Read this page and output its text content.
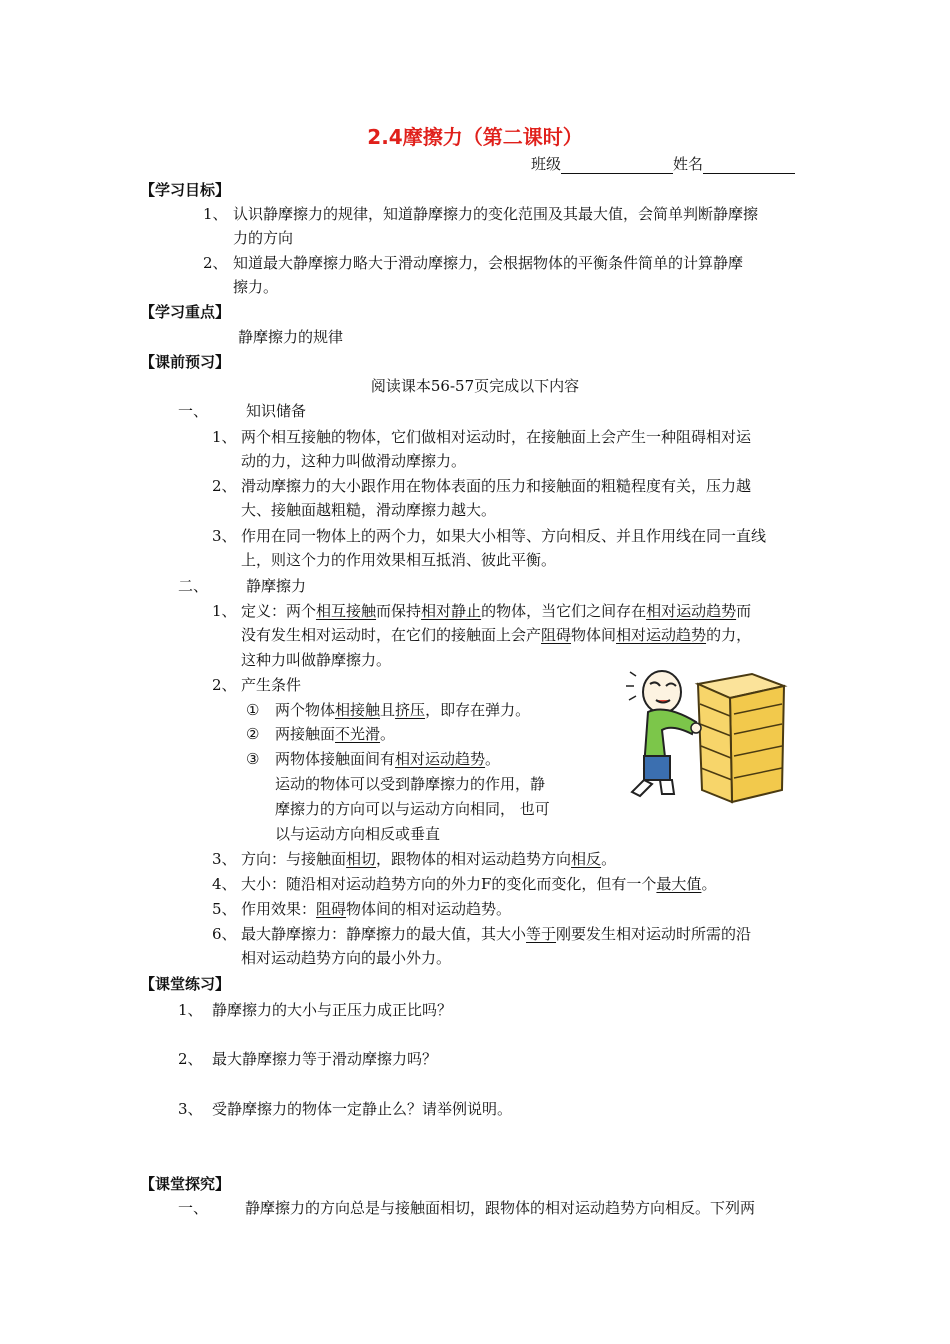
2.4摩擦力（第二课时）
班级	姓名
【学习目标】
1、 认识静摩擦力的规律，知道静摩擦力的变化范围及其最大值，会简单判断静摩擦
力的方向
2、 知道最大静摩擦力略大于滑动摩擦力，会根据物体的平衡条件简单的计算静摩
擦力。
【学习重点】
静摩擦力的规律
【课前预习】
阅读课本56-57页完成以下内容
一、	知识储备
1、 两个相互接触的物体，它们做相对运动时，在接触面上会产生一种阻碍相对运
动的力，这种力叫做滑动摩擦力。
2、 滑动摩擦力的大小跟作用在物体表面的压力和接触面的粗糙程度有关，压力越
大、接触面越粗糙，滑动摩擦力越大。
3、 作用在同一物体上的两个力，如果大小相等、方向相反、并且作用线在同一直线
上，则这个力的作用效果相互抵消、彼此平衡。
二、	静摩擦力
1、 定义：两个相互接触而保持相对静止的物体，当它们之间存在相对运动趋势而
没有发生相对运动时，在它们的接触面上会产阻碍物体间相对运动趋势的力，
这种力叫做静摩擦力。
2、 产生条件
① 两个物体相接触且挤压，即存在弹力。
② 两接触面不光滑。
③ 两物体接触面间有相对运动趋势。
运动的物体可以受到静摩擦力的作用，静
摩擦力的方向可以与运动方向相同， 也可
以与运动方向相反或垂直
3、 方向：与接触面相切，跟物体的相对运动趋势方向相反。
4、 大小：随沿相对运动趋势方向的外力F的变化而变化，但有一个最大值。
5、 作用效果：阻碍物体间的相对运动趋势。
6、 最大静摩擦力：静摩擦力的最大值，其大小等于刚要发生相对运动时所需的沿
相对运动趋势方向的最小外力。
【课堂练习】
1、 静摩擦力的大小与正压力成正比吗？
2、 最大静摩擦力等于滑动摩擦力吗？
3、 受静摩擦力的物体一定静止么？请举例说明。
【课堂探究】
一、 静摩擦力的方向总是与接触面相切，跟物体的相对运动趋势方向相反。下列两
